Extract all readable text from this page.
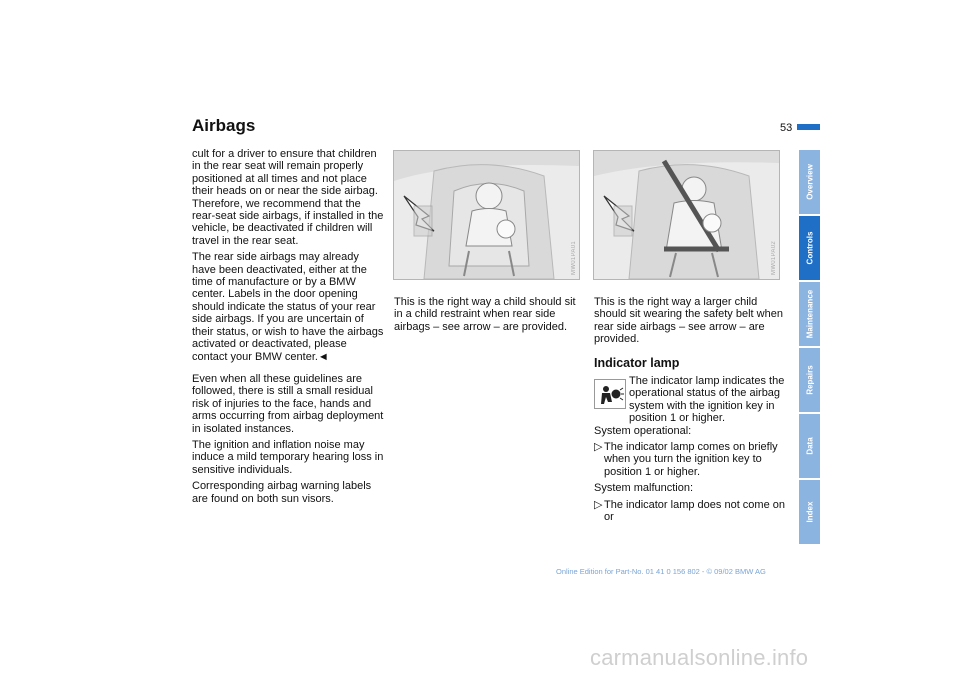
Airbags	53

cult for a driver to ensure that children in the rear seat will remain properly positioned at all times and not place their heads on or near the side airbag. Therefore, we recommend that the rear-seat side airbags, if installed in the vehicle, be deactivated if children will travel in the rear seat.

The rear side airbags may already have been deactivated, either at the time of manufacture or by a BMW center. Labels in the door opening should indicate the status of your rear side airbags. If you are uncertain of their status, or wish to have the airbags activated or deactivated, please contact your BMW center.◄

Even when all these guidelines are followed, there is still a small residual risk of injuries to the face, hands and arms occurring from airbag deployment in isolated instances.

The ignition and inflation noise may induce a mild temporary hearing loss in sensitive individuals.

Corresponding airbag warning labels are found on both sun visors.

MW01PA01	MW01PA02

This is the right way a child should sit in a child restraint when rear side airbags – see arrow – are provided.

This is the right way a larger child should sit wearing the safety belt when rear side airbags – see arrow – are provided.

Indicator lamp

The indicator lamp indicates the operational status of the airbag system with the ignition key in position 1 or higher.

System operational:

▷ The indicator lamp comes on briefly when you turn the ignition key to position 1 or higher.

System malfunction:

▷ The indicator lamp does not come on or

Overview
Controls
Maintenance
Repairs
Data
Index
Online Edition for Part-No. 01 41 0 156 802 - © 09/02 BMW AG
carmanualsonline.info
